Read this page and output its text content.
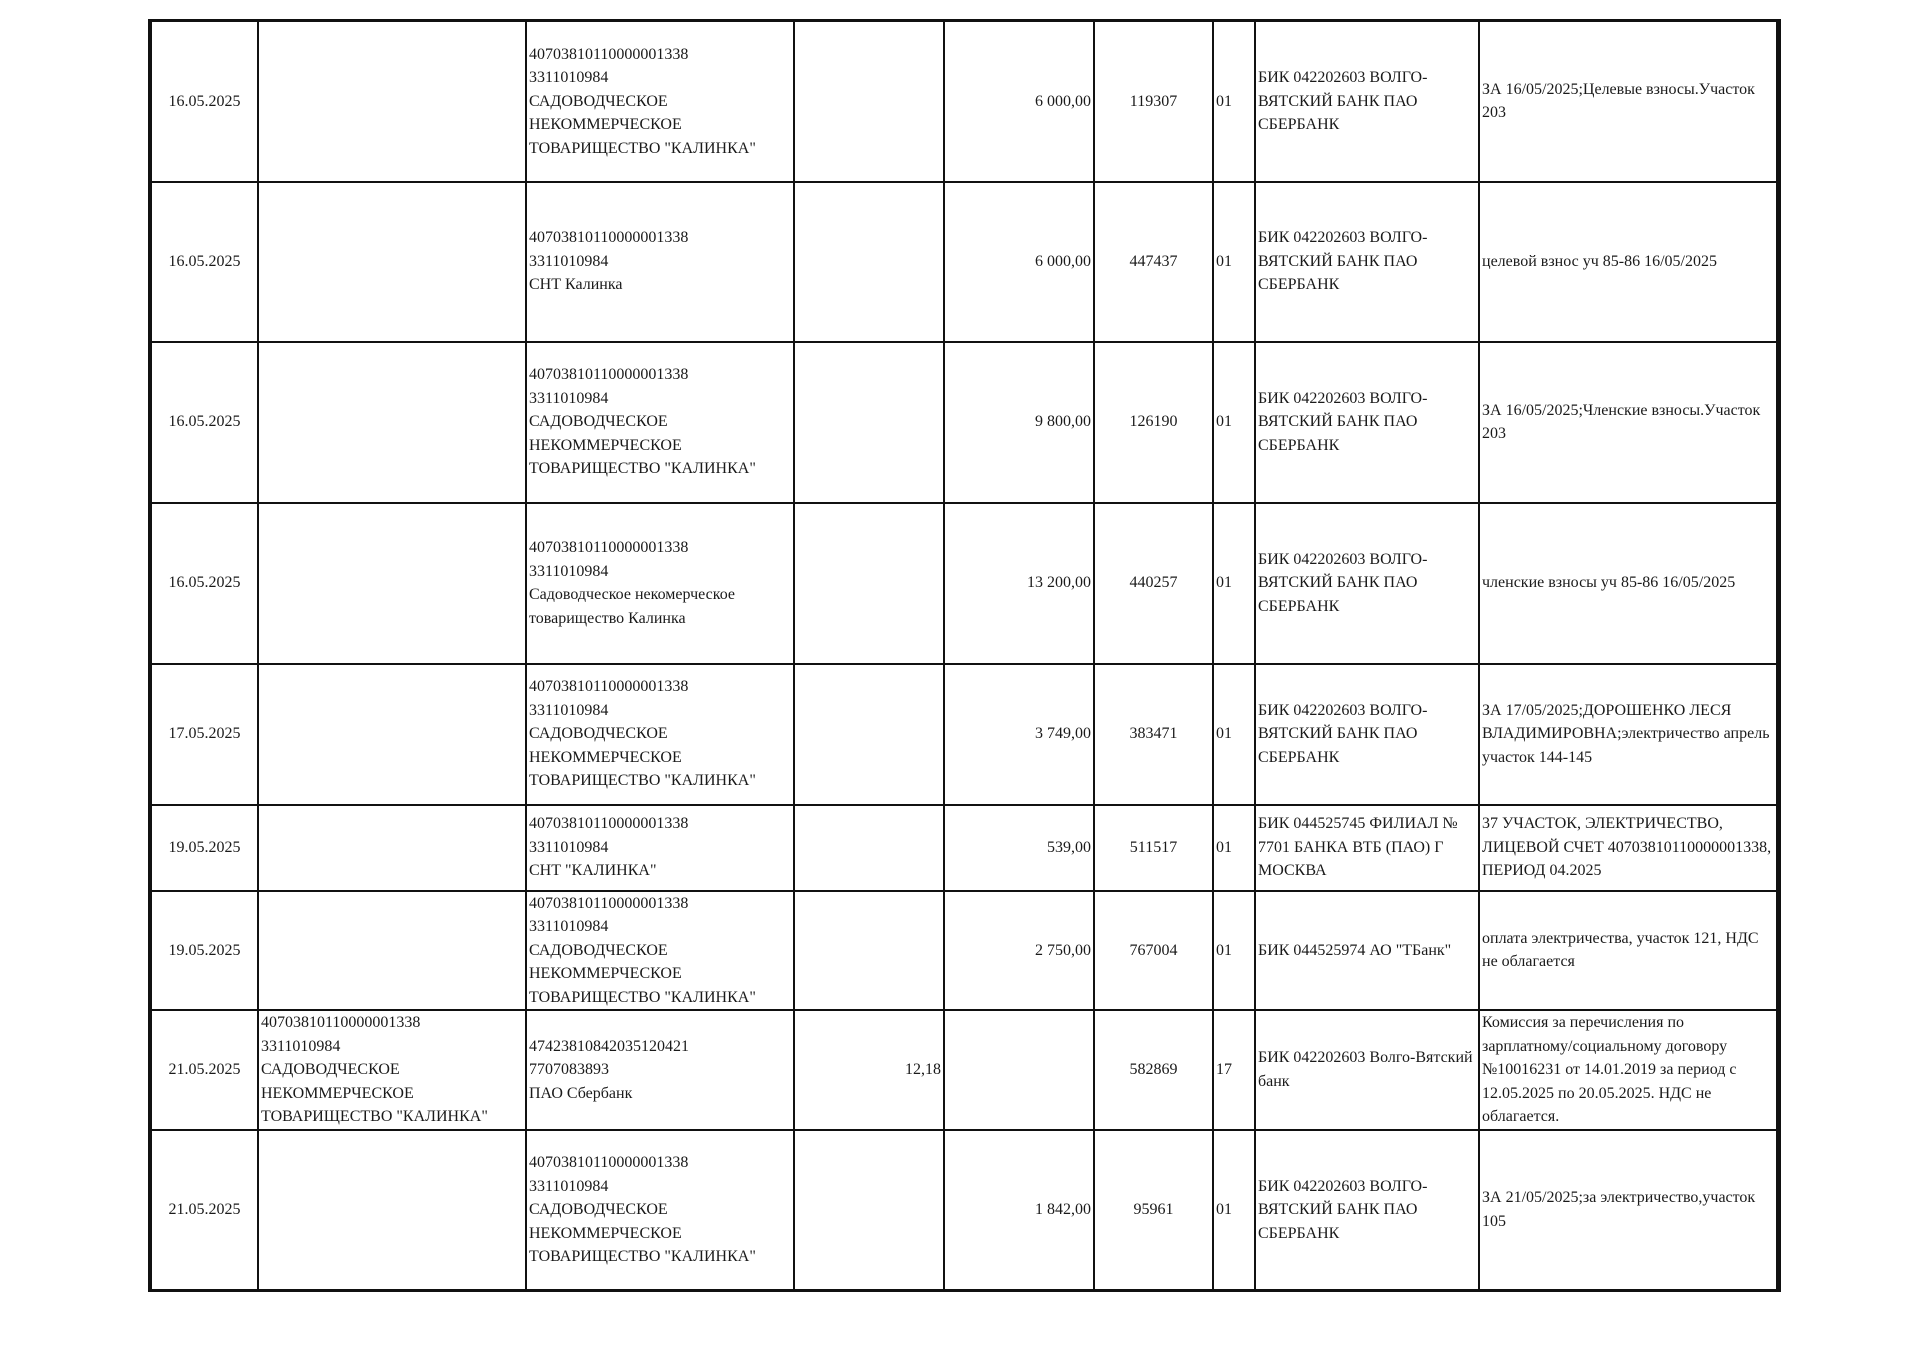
16.05.2025		40703810110000001338
3311010984
САДОВОДЧЕСКОЕ
НЕКОММЕРЧЕСКОЕ
ТОВАРИЩЕСТВО "КАЛИНКА"		6 000,00	119307	01	БИК 042202603 ВОЛГО-ВЯТСКИЙ БАНК ПАО СБЕРБАНК	ЗА 16/05/2025;Целевые взносы.Участок 203

16.05.2025		40703810110000001338
3311010984
СНТ Калинка		6 000,00	447437	01	БИК 042202603 ВОЛГО-ВЯТСКИЙ БАНК ПАО СБЕРБАНК	целевой взнос уч 85-86 16/05/2025

16.05.2025		40703810110000001338
3311010984
САДОВОДЧЕСКОЕ
НЕКОММЕРЧЕСКОЕ
ТОВАРИЩЕСТВО "КАЛИНКА"		9 800,00	126190	01	БИК 042202603 ВОЛГО-ВЯТСКИЙ БАНК ПАО СБЕРБАНК	ЗА 16/05/2025;Членские взносы.Участок 203

16.05.2025		40703810110000001338
3311010984
Садоводческое некомерческое
товарищество Калинка		13 200,00	440257	01	БИК 042202603 ВОЛГО-ВЯТСКИЙ БАНК ПАО СБЕРБАНК	членские взносы уч 85-86 16/05/2025

17.05.2025		40703810110000001338
3311010984
САДОВОДЧЕСКОЕ
НЕКОММЕРЧЕСКОЕ
ТОВАРИЩЕСТВО "КАЛИНКА"		3 749,00	383471	01	БИК 042202603 ВОЛГО-ВЯТСКИЙ БАНК ПАО СБЕРБАНК	ЗА 17/05/2025;ДОРОШЕНКО ЛЕСЯ ВЛАДИМИРОВНА;электричество апрель участок 144-145

19.05.2025		40703810110000001338
3311010984
СНТ "КАЛИНКА"		539,00	511517	01	БИК 044525745 ФИЛИАЛ № 7701 БАНКА ВТБ (ПАО) Г МОСКВА	37 УЧАСТОК, ЭЛЕКТРИЧЕСТВО, ЛИЦЕВОЙ СЧЕТ 40703810110000001338, ПЕРИОД 04.2025

19.05.2025		40703810110000001338
3311010984
САДОВОДЧЕСКОЕ
НЕКОММЕРЧЕСКОЕ
ТОВАРИЩЕСТВО "КАЛИНКА"		2 750,00	767004	01	БИК 044525974 АО "ТБанк"	оплата электричества, участок 121, НДС не облагается

21.05.2025	40703810110000001338
3311010984
САДОВОДЧЕСКОЕ
НЕКОММЕРЧЕСКОЕ
ТОВАРИЩЕСТВО "КАЛИНКА"	47423810842035120421
7707083893
ПАО Сбербанк	12,18		582869	17	БИК 042202603 Волго-Вятский банк	Комиссия за перечисления по зарплатному/социальному договору №10016231 от 14.01.2019 за период с 12.05.2025 по 20.05.2025. НДС не облагается.

21.05.2025		40703810110000001338
3311010984
САДОВОДЧЕСКОЕ
НЕКОММЕРЧЕСКОЕ
ТОВАРИЩЕСТВО "КАЛИНКА"		1 842,00	95961	01	БИК 042202603 ВОЛГО-ВЯТСКИЙ БАНК ПАО СБЕРБАНК	ЗА 21/05/2025;за электричество,участок 105
